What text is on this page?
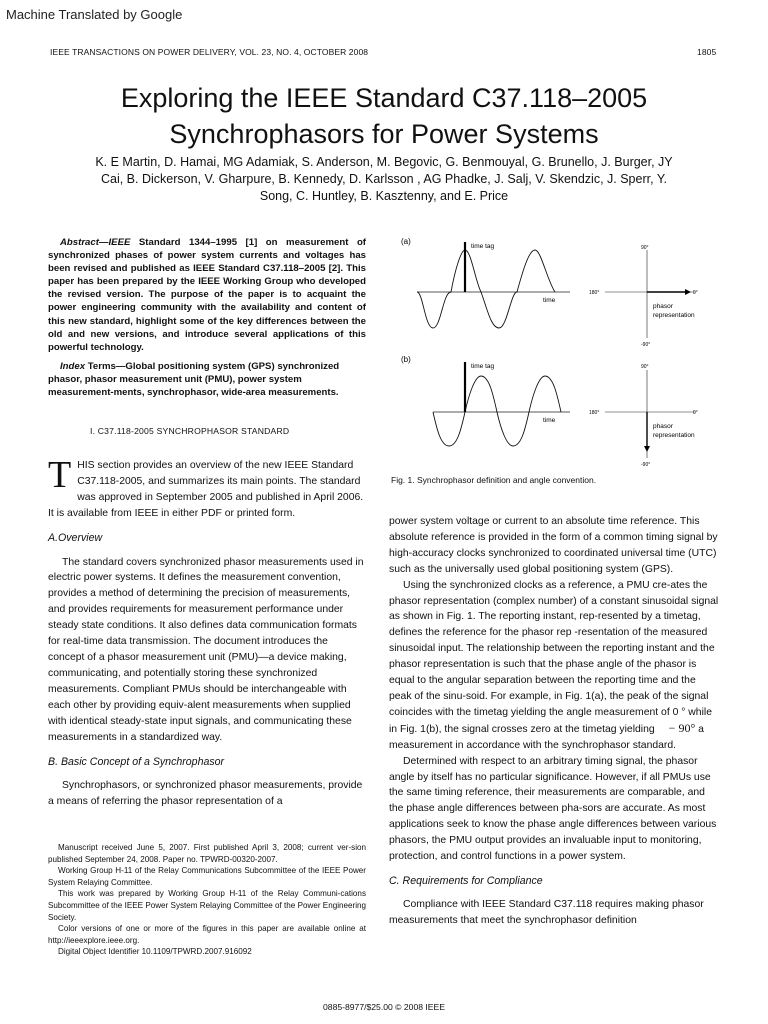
Machine Translated by Google
IEEE TRANSACTIONS ON POWER DELIVERY, VOL. 23, NO. 4, OCTOBER 2008	1805
Exploring the IEEE Standard C37.118–2005
Synchrophasors for Power Systems
K. E Martin, D. Hamai, MG Adamiak, S. Anderson, M. Begovic, G. Benmouyal, G. Brunello, J. Burger, JY
Cai, B. Dickerson, V. Gharpure, B. Kennedy, D. Karlsson , AG Phadke, J. Salj, V. Skendzic, J. Sperr, Y.
Song, C. Huntley, B. Kasztenny, and E. Price
Abstract—IEEE Standard 1344–1995 [1] on measurement of synchronized phases of power system currents and voltages has been revised and published as IEEE Standard C37.118–2005 [2]. This paper has been prepared by the IEEE Working Group who developed the revised version. The purpose of the paper is to acquaint the power engineering community with the availability and content of this new standard, highlight some of the key differences between the old and new versions, and introduce several applications of this powerful technology.
Index Terms—Global positioning system (GPS) synchronized phasor, phasor measurement unit (PMU), power system measurement-ments, synchrophasor, wide-area measurements.
I. C37.118-2005 SYNCHROPHASOR STANDARD

THIS section provides an overview of the new IEEE Standard C37.118-2005, and summarizes its main points. The standard was approved in September 2005 and published in April 2006. It is available from IEEE in either PDF or printed form.

A.Overview

The standard covers synchronized phasor measurements used in electric power systems. It defines the measurement convention, provides a method of determining the precision of measurements, and provides requirements for measurement performance under steady state conditions. It also defines data communication formats for real-time data transmission. The document introduces the concept of a phasor measurement unit (PMU)—a device making, communicating, and potentially storing these synchronized measurements. Compliant PMUs should be interchangeable with each other by providing equiv-alent measurements when supplied with identical steady-state input signals, and communicating these measurements in a standardized way.

B. Basic Concept of a Synchrophasor

Synchrophasors, or synchronized phasor measurements, provide a means of referring the phasor representation of a

Manuscript received June 5, 2007. First published April 3, 2008; current ver-sion published September 24, 2008. Paper no. TPWRD-00320-2007.

Working Group H-11 of the Relay Communications Subcommittee of the IEEE Power System Relaying Committee.

This work was prepared by Working Group H-11 of the Relay Communi-cations Subcommittee of the IEEE Power System Relaying Committee of the Power Engineering Society.

Color versions of one or more of the figures in this paper are available online at http://ieeexplore.ieee.org.

Digital Object Identifier 10.1109/TPWRD.2007.916092

(a)
time tag
time
90°
180°	0°
-90°
phasor
representation
(b)
time tag
time
90°
180°	0°
-90°
phasor
representation
Fig. 1. Synchrophasor definition and angle convention.

power system voltage or current to an absolute time reference. This absolute reference is provided in the form of a common timing signal by high-accuracy clocks synchronized to coordinated universal time (UTC) such as the universally used global positioning system (GPS).

Using the synchronized clocks as a reference, a PMU cre-ates the phasor representation (complex number) of a constant sinusoidal signal as shown in Fig. 1. The reporting instant, rep-resented by a timetag, defines the reference for the phasor rep -resentation of the measured sinusoidal input. The relationship between the reporting instant and the phasor representation is such that the phase angle of the phasor is equal to the angular separation between the reporting time and the peak of the sinu-soid. For example, in Fig. 1(a), the peak of the signal coincides with the timetag yielding the angle measurement of 0 ° while in Fig. 1(b), the signal crosses zero at the timetag yielding − 90° a measurement in accordance with the synchrophasor standard.

Determined with respect to an arbitrary timing signal, the phasor angle by itself has no particular significance. However, if all PMUs use the same timing reference, their measurements are comparable, and the phase angle differences between pha-sors are accurate. As most applications seek to know the phase angle differences between various phasors, the PMU output provides an invaluable input to monitoring, protection, and control functions in a power system.

C. Requirements for Compliance

Compliance with IEEE Standard C37.118 requires making phasor measurements that meet the synchrophasor definition

0885-8977/$25.00 © 2008 IEEE
